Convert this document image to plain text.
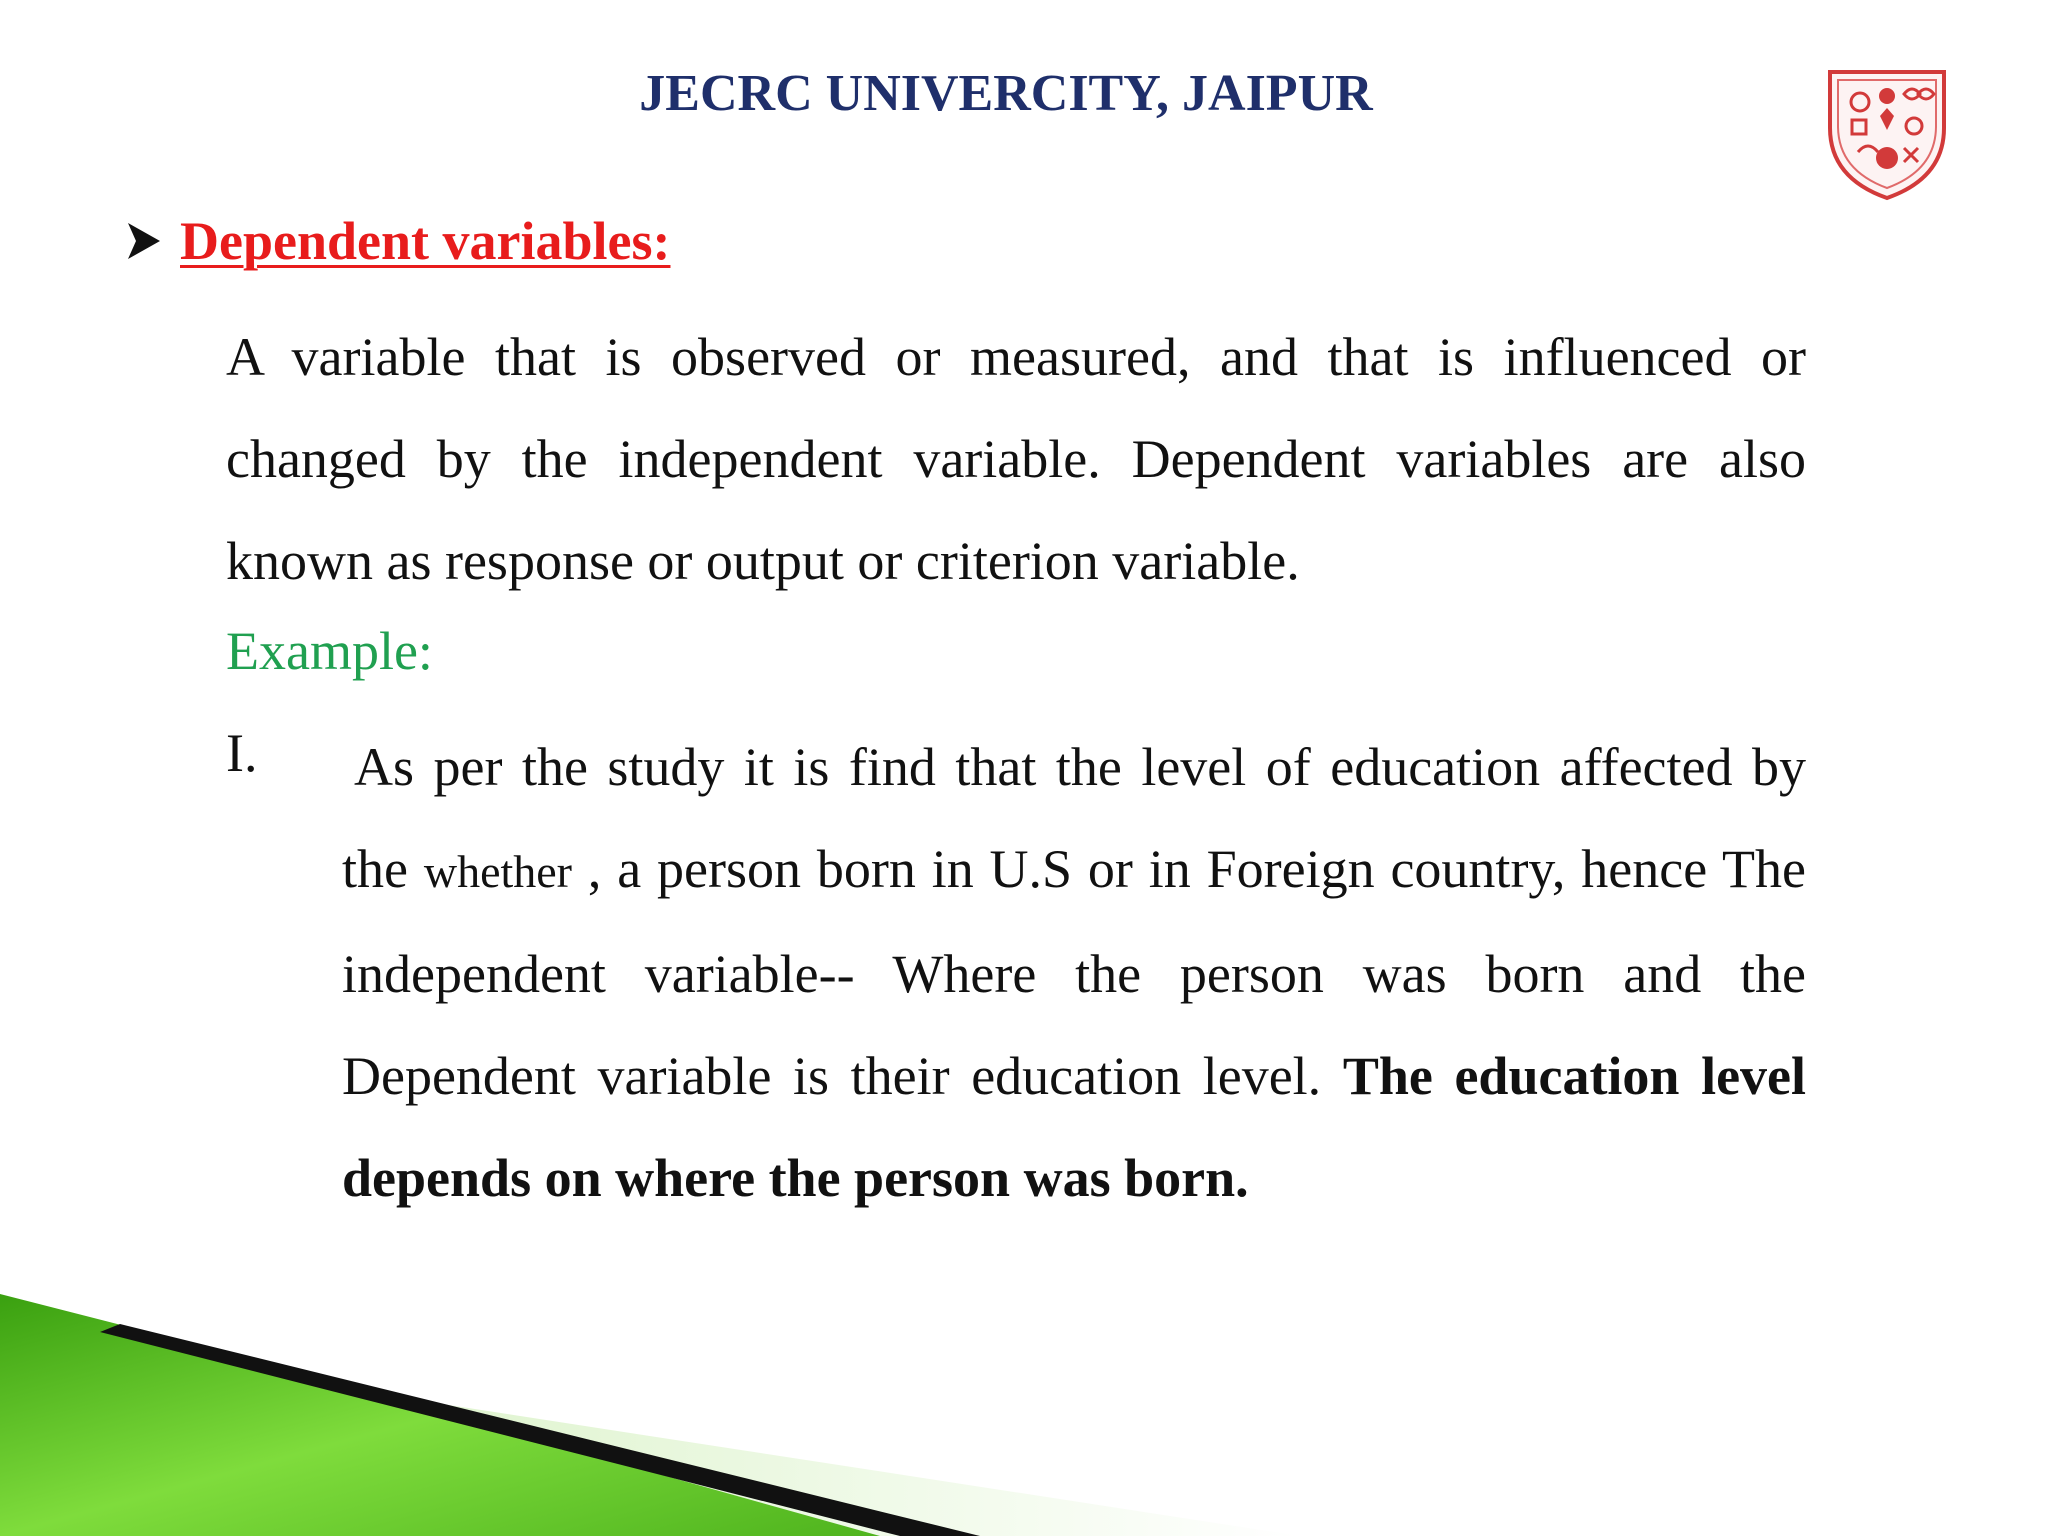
JECRC UNIVERCITY, JAIPUR
Dependent variables:

A variable that is observed or measured, and that is influenced or changed by the independent variable. Dependent variables are also known as response or output or criterion variable.

Example:

I. As per the study it is find that the level of education affected by the whether , a person born in U.S or in Foreign country, hence The independent variable-- Where the person was born and the Dependent variable is their education level. The education level depends on where the person was born.
